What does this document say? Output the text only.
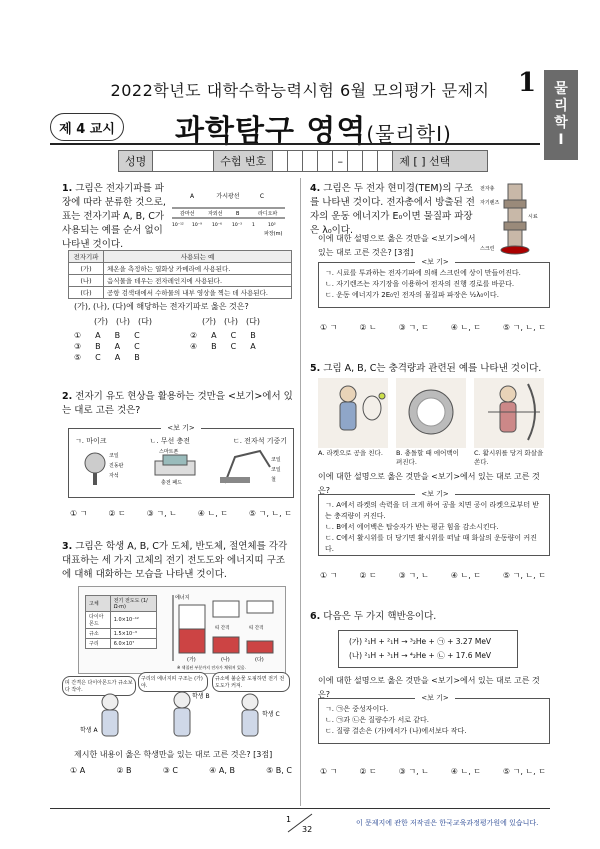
2022학년도 대학수학능력시험 6월 모의평가 문제지	1 물
리
학
Ⅰ
제 4 교시	과학탐구 영역(물리학Ⅰ)
성명	수험 번호	–	제 [ ] 선택
1. 그림은 전자기파를 파장에 따라 분류한 것으로, 표는 전자기파 A, B, C가 사용되는 예를 순서 없이 나타낸 것이다.
A	가시광선	C
감마선	자외선	B	라디오파
10⁻¹² 10⁻⁹ 10⁻⁶ 10⁻³ 1	10³
파장(m)
전자기파	사용되는 예
(가)	체온을 측정하는 열화상 카메라에 사용된다.
(나)	음식물을 데우는 전자레인지에 사용된다.
(다)	공항 검색대에서 수하물의 내부 영상을 찍는 데 사용된다.
(가), (나), (다)에 해당하는 전자기파로 옳은 것은?
(가) (나) (다)	(가) (나) (다)
① A B C	② A C B
③ B A C	④ B C A
⑤ C A B
2. 전자기 유도 현상을 활용하는 것만을 <보기>에서 있는 대로 고른 것은?
<보 기>
ㄱ. 마이크	ㄴ. 무선 충전	ㄷ. 전자석 기중기
코일
진동판
자석
스마트폰
충전 패드
코일
코일
철
① ㄱ	② ㄷ	③ ㄱ, ㄴ	④ ㄴ, ㄷ	⑤ ㄱ, ㄴ, ㄷ
3. 그림은 학생 A, B, C가 도체, 반도체, 절연체를 각각 대표하는 세 가지 고체의 전기 전도도와 에너지띠 구조에 대해 대화하는 모습을 나타낸 것이다.
고체	전기 전도도 (1/Ω·m)
다이아몬드	1.0×10⁻¹²
규소	1.5×10⁻³
구리	6.0×10⁷
에너지
띠 간격	띠 간격
(가)	(나)	(다)
※ 색칠된 부분까지 전자가 채워져 있음.
띠 간격은 다이아몬드가 규소보다 작아.
구리의 에너지띠 구조는 (가)야.
규소에 불순물 도핑하면 전기 전도도가 커져.
학생 A
학생 B
학생 C
제시한 내용이 옳은 학생만을 있는 대로 고른 것은? [3점]
① A	② B	③ C	④ A, B	⑤ B, C
4. 그림은 두 전자 현미경(TEM)의 구조를 나타낸 것이다. 전자총에서 방출된 전자의 운동 에너지가 E₀이면 물질파 파장은 λ₀이다.
전자총
자기렌즈
시료
스크린
이에 대한 설명으로 옳은 것만을 <보기>에서 있는 대로 고른 것은? [3점]
<보 기>
ㄱ. 시료를 투과하는 전자기파에 의해 스크린에 상이 만들어진다.
ㄴ. 자기렌즈는 자기장을 이용하여 전자의 진행 경로를 바꾼다.
ㄷ. 운동 에너지가 2E₀인 전자의 물질파 파장은 ½λ₀이다.
① ㄱ	② ㄴ	③ ㄱ, ㄷ	④ ㄴ, ㄷ	⑤ ㄱ, ㄴ, ㄷ
5. 그림 A, B, C는 충격량과 관련된 예를 나타낸 것이다.
A. 라켓으로 공을 친다.	B. 충돌할 때 에어백이 펴진다.
C. 활시위를 당겨 화살을 쏜다.
이에 대한 설명으로 옳은 것만을 <보기>에서 있는 대로 고른 것은?	<보 기>
ㄱ. A에서 라켓의 속력을 더 크게 하여 공을 치면 공이 라켓으로부터 받는 충격량이 커진다.
ㄴ. B에서 에어백은 탑승자가 받는 평균 힘을 감소시킨다.
ㄷ. C에서 활시위를 더 당기면 활시위를 떠날 때 화살의 운동량이 커진다.
① ㄱ	② ㄷ	③ ㄱ, ㄴ	④ ㄴ, ㄷ	⑤ ㄱ, ㄴ, ㄷ
6. 다음은 두 가지 핵반응이다.
(가) ²₁H + ²₁H → ³₂He + ㉠ + 3.27 MeV
(나) ²₁H + ³₁H → ⁴₂He + ㉡ + 17.6 MeV
이에 대한 설명으로 옳은 것만을 <보기>에서 있는 대로 고른 것은?	<보 기>
ㄱ. ㉠은 중성자이다.
ㄴ. ㉠과 ㉡은 질량수가 서로 같다.
ㄷ. 질량 결손은 (가)에서가 (나)에서보다 작다.
① ㄱ	② ㄷ	③ ㄱ, ㄴ	④ ㄴ, ㄷ	⑤ ㄱ, ㄴ, ㄷ
1
32
이 문제지에 관한 저작권은 한국교육과정평가원에 있습니다.
